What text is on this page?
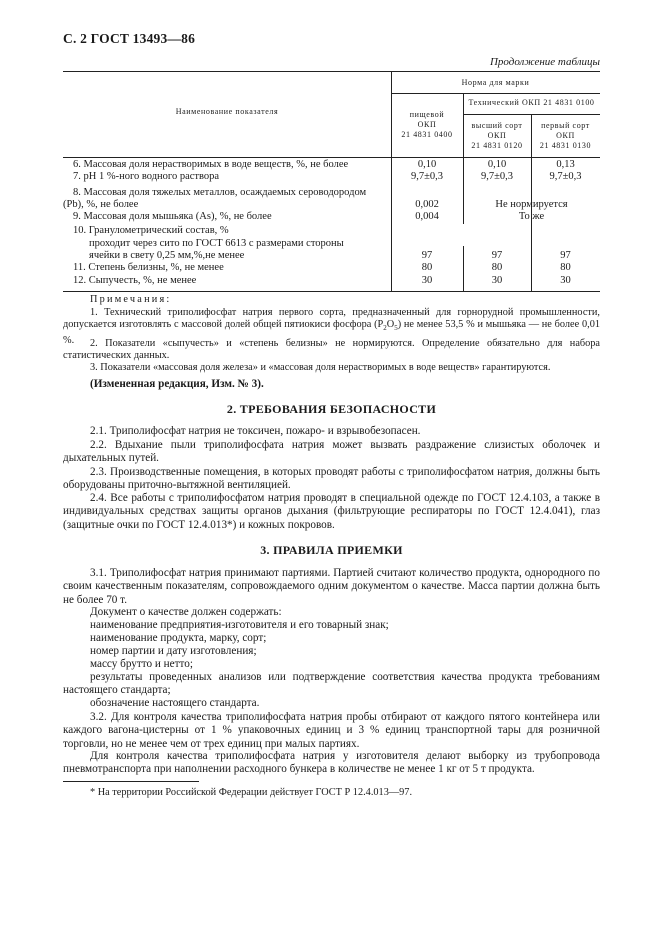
С. 2 ГОСТ 13493—86
Продолжение таблицы
Наименование показателя
Норма для марки
Технический ОКП 21 4831 0100
пищевой
ОКП
21 4831 0400
высший сорт
ОКП
21 4831 0120
первый сорт
ОКП
21 4831 0130
6. Массовая доля нерастворимых в воде веществ, %, не более	0,10	0,10	0,13
7. pH 1 %-ного водного раствора	9,7±0,3	9,7±0,3	9,7±0,3
8. Массовая доля тяжелых металлов, осаждаемых сероводородом
(Pb), %, не более	0,002	Не нормируется
9. Массовая доля мышьяка (As), %, не более	0,004	То же
10. Гранулометрический состав, %
проходит через сито по ГОСТ 6613 с размерами стороны
ячейки в свету 0,25 мм,%,не менее	97	97	97
11. Степень белизны, %, не менее	80	80	80
12. Сыпучесть, %, не менее	30	30	30
Примечания:
1. Технический триполифосфат натрия первого сорта, предназначенный для горнорудной промышленности, допускается изготовлять с массовой долей общей пятиокиси фосфора $(P_2O_5)$ не менее 53,5 % и мышьяка — не более 0,01 %.	2. Показатели «сыпучесть» и «степень белизны» не нормируются. Определение обязательно для набора статистических данных.
3. Показатели «массовая доля железа» и «массовая доля нерастворимых в воде веществ» гарантируются.
(Измененная редакция, Изм. № 3).
2. ТРЕБОВАНИЯ БЕЗОПАСНОСТИ
2.1. Триполифосфат натрия не токсичен, пожаро- и взрывобезопасен.
2.2. Вдыхание пыли триполифосфата натрия может вызвать раздражение слизистых оболочек и дыхательных путей.
2.3. Производственные помещения, в которых проводят работы с триполифосфатом натрия, должны быть оборудованы приточно-вытяжной вентиляцией.
2.4. Все работы с триполифосфатом натрия проводят в специальной одежде по ГОСТ 12.4.103, а также в индивидуальных средствах защиты органов дыхания (фильтрующие респираторы по ГОСТ 12.4.041), глаз (защитные очки по ГОСТ 12.4.013*) и кожных покровов.
3. ПРАВИЛА ПРИЕМКИ
3.1. Триполифосфат натрия принимают партиями. Партией считают количество продукта, однородного по своим качественным показателям, сопровождаемого одним документом о качестве. Масса партии должна быть не более 70 т.
Документ о качестве должен содержать:
наименование предприятия-изготовителя и его товарный знак;
наименование продукта, марку, сорт;
номер партии и дату изготовления;
массу брутто и нетто;
результаты проведенных анализов или подтверждение соответствия качества продукта требованиям настоящего стандарта;
обозначение настоящего стандарта.
3.2. Для контроля качества триполифосфата натрия пробы отбирают от каждого пятого контейнера или каждого вагона-цистерны от 1 % упаковочных единиц и 3 % единиц транспортной тары для розничной торговли, но не менее чем от трех единиц при малых партиях.
Для контроля качества триполифосфата натрия у изготовителя делают выборку из трубопровода пневмотранспорта при наполнении расходного бункера в количестве не менее 1 кг от 5 т продукта.
* На территории Российской Федерации действует ГОСТ Р 12.4.013—97.
